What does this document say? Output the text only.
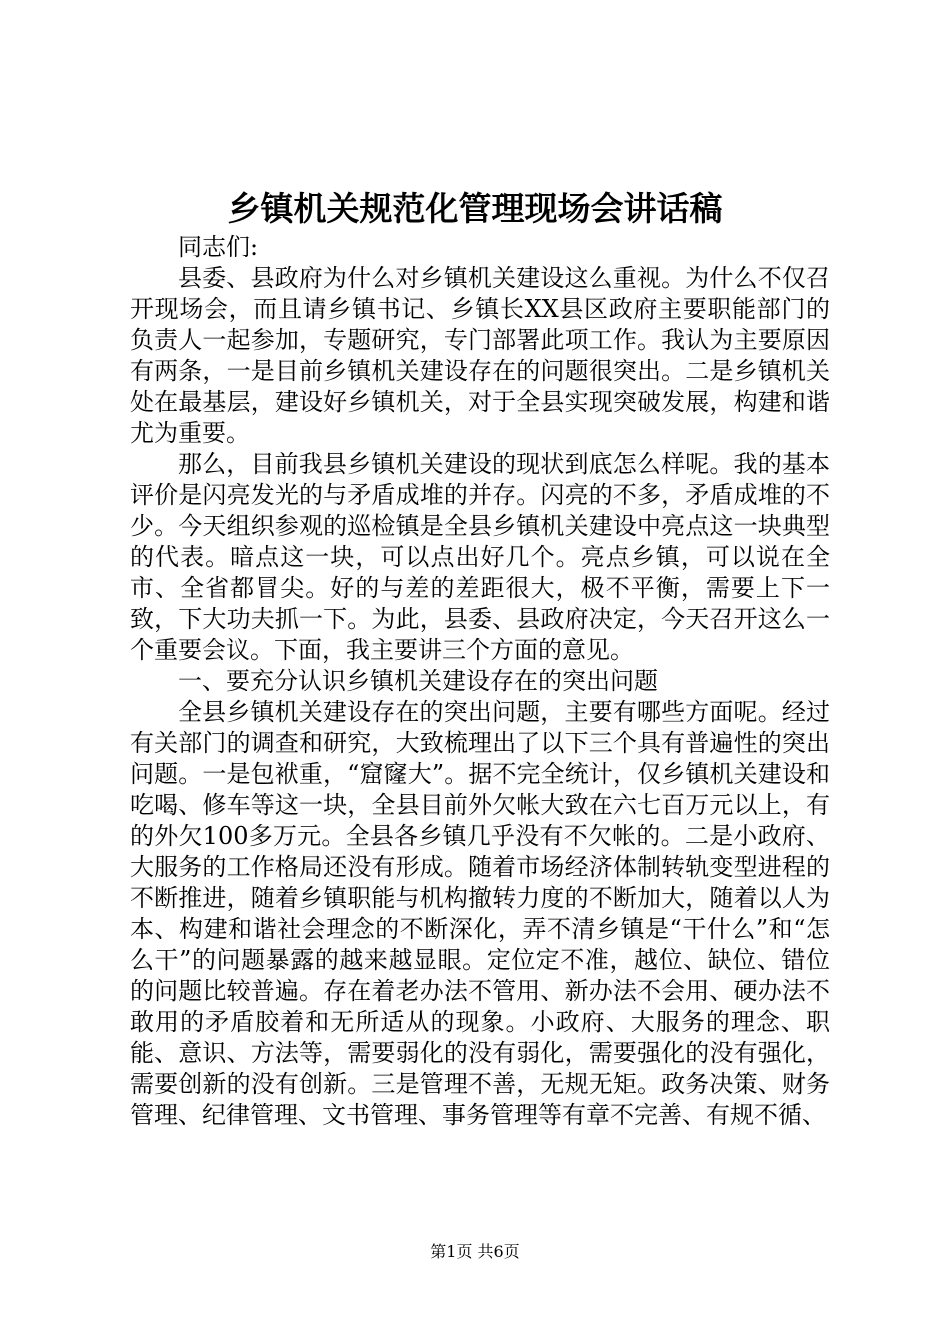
乡镇机关规范化管理现场会讲话稿

同志们:

县委、县政府为什么对乡镇机关建设这么重视。为什么不仅召开现场会，而且请乡镇书记、乡镇长XX县区政府主要职能部门的负责人一起参加，专题研究，专门部署此项工作。我认为主要原因有两条，一是目前乡镇机关建设存在的问题很突出。二是乡镇机关处在最基层，建设好乡镇机关，对于全县实现突破发展，构建和谐尤为重要。

那么，目前我县乡镇机关建设的现状到底怎么样呢。我的基本评价是闪亮发光的与矛盾成堆的并存。闪亮的不多，矛盾成堆的不少。今天组织参观的巡检镇是全县乡镇机关建设中亮点这一块典型的代表。暗点这一块，可以点出好几个。亮点乡镇，可以说在全市、全省都冒尖。好的与差的差距很大，极不平衡，需要上下一致，下大功夫抓一下。为此，县委、县政府决定，今天召开这么一个重要会议。下面，我主要讲三个方面的意见。

一、要充分认识乡镇机关建设存在的突出问题

全县乡镇机关建设存在的突出问题，主要有哪些方面呢。经过有关部门的调查和研究，大致梳理出了以下三个具有普遍性的突出问题。一是包袱重，“窟窿大”。据不完全统计，仅乡镇机关建设和吃喝、修车等这一块，全县目前外欠帐大致在六七百万元以上，有的外欠100多万元。全县各乡镇几乎没有不欠帐的。二是小政府、大服务的工作格局还没有形成。随着市场经济体制转轨变型进程的不断推进，随着乡镇职能与机构撤转力度的不断加大，随着以人为本、构建和谐社会理念的不断深化，弄不清乡镇是“干什么”和“怎么干”的问题暴露的越来越显眼。定位定不准，越位、缺位、错位的问题比较普遍。存在着老办法不管用、新办法不会用、硬办法不敢用的矛盾胶着和无所适从的现象。小政府、大服务的理念、职能、意识、方法等，需要弱化的没有弱化，需要强化的没有强化，需要创新的没有创新。三是管理不善，无规无矩。政务决策、财务管理、纪律管理、文书管理、事务管理等有章不完善、有规不循、

第1页 共6页
